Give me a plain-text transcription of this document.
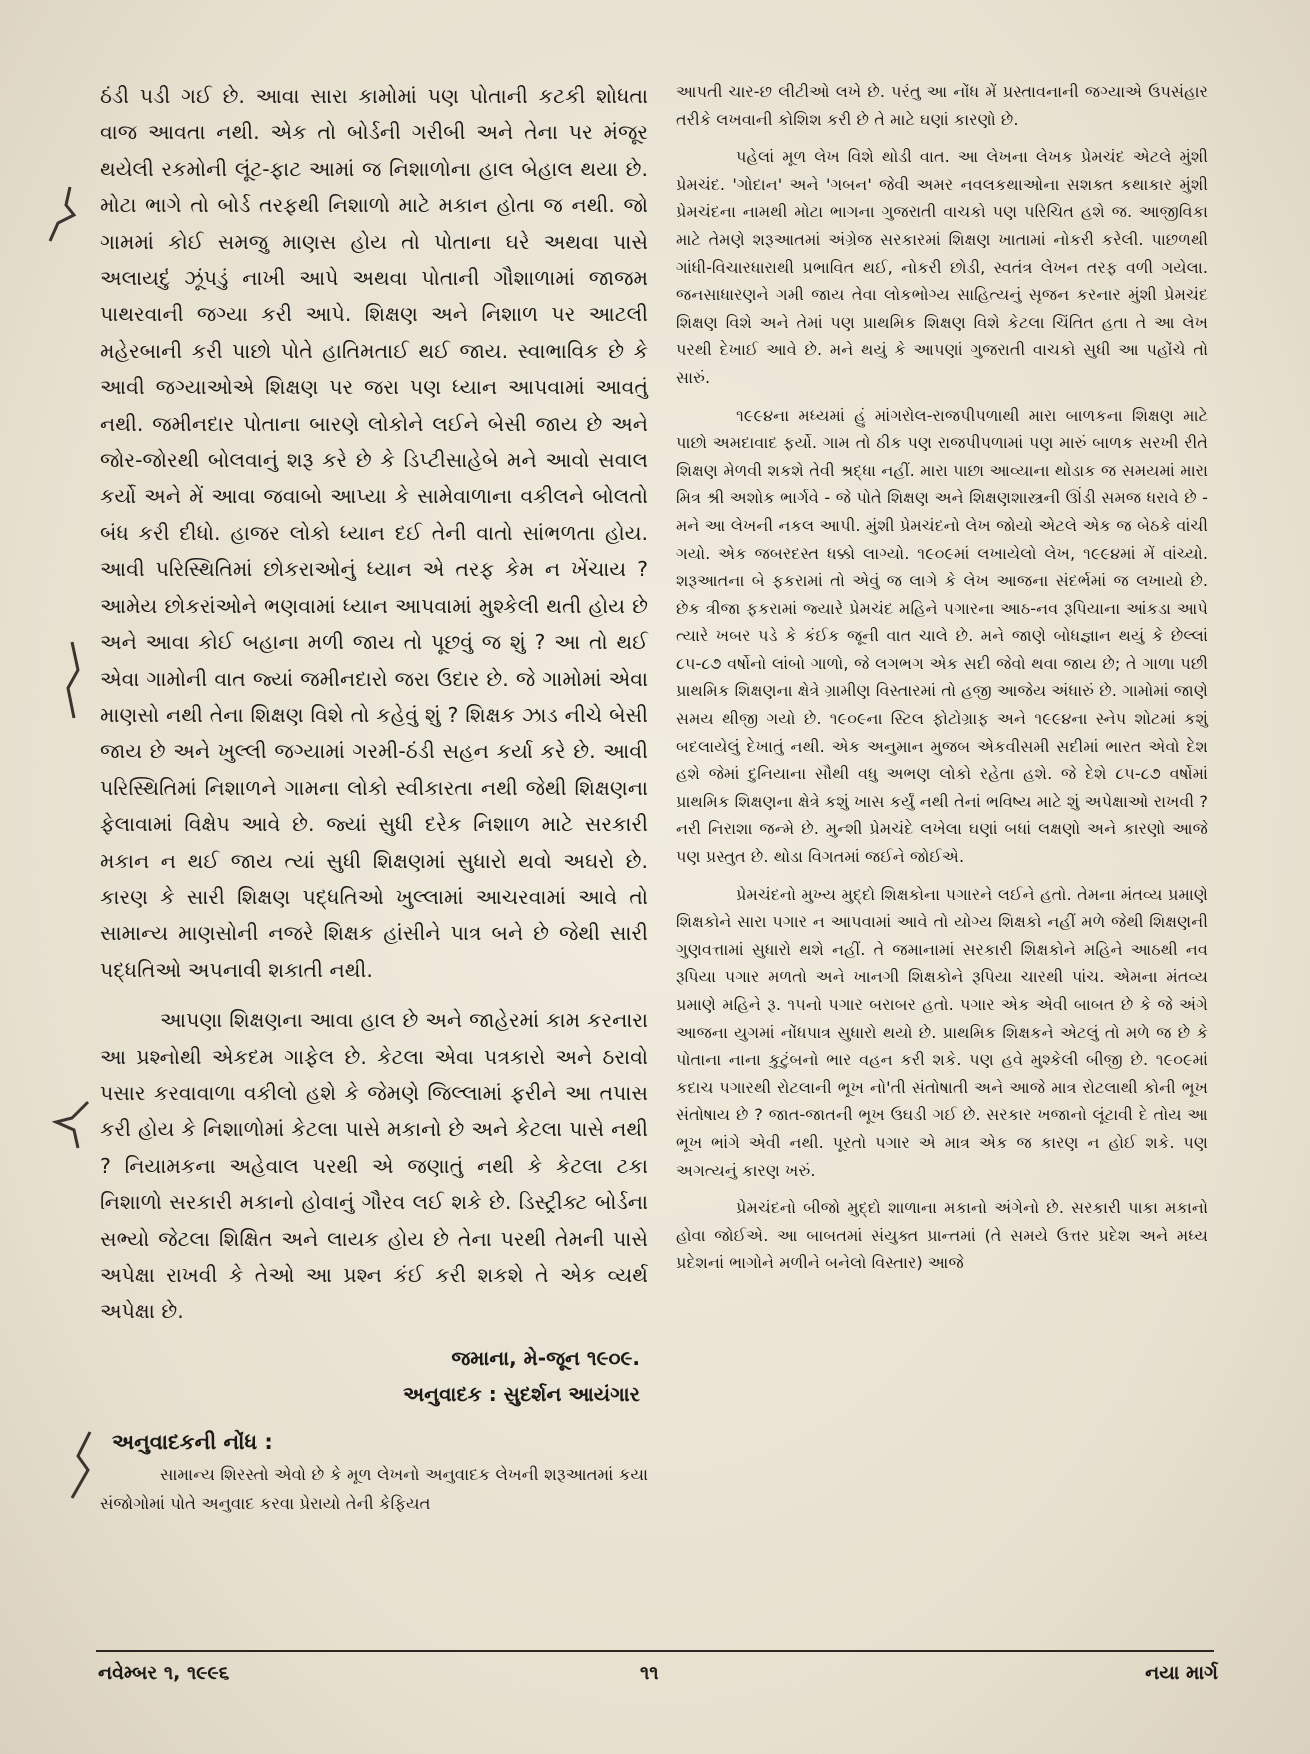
ઠંડી પડી ગઈ છે. આવા સારા કામોમાં પણ પોતાની કટકી શોધતા વાજ આવતા નથી. એક તો બોર્ડની ગરીબી અને તેના પર મંજૂર થયેલી રકમોની લૂંટ-ફાટ આમાં જ નિશાળોના હાલ બેહાલ થયા છે. મોટા ભાગે તો બોર્ડ તરફથી નિશાળો માટે મકાન હોતા જ નથી. જો ગામમાં કોઈ સમજુ માણસ હોય તો પોતાના ઘરે અથવા પાસે અલાયદું ઝૂંપડું નાખી આપે અથવા પોતાની ગૌશાળામાં જાજમ પાથરવાની જગ્યા કરી આપે. શિક્ષણ અને નિશાળ પર આટલી મહેરબાની કરી પાછો પોતે હાતિમતાઈ થઈ જાય. સ્વાભાવિક છે કે આવી જગ્યાઓએ શિક્ષણ પર જરા પણ ધ્યાન આપવામાં આવતું નથી. જમીનદાર પોતાના બારણે લોકોને લઈને બેસી જાય છે અને જોર-જોરથી બોલવાનું શરૂ કરે છે કે ડિપ્ટીસાહેબે મને આવો સવાલ કર્યો અને મેં આવા જવાબો આપ્યા કે સામેવાળાના વકીલને બોલતો બંધ કરી દીધો. હાજર લોકો ધ્યાન દઈ તેની વાતો સાંભળતા હોય. આવી પરિસ્થિતિમાં છોકરાઓનું ધ્યાન એ તરફ કેમ ન ખેંચાય ? આમેય છોકરાંઓને ભણવામાં ધ્યાન આપવામાં મુશ્કેલી થતી હોય છે અને આવા કોઈ બહાના મળી જાય તો પૂછવું જ શું ? આ તો થઈ એવા ગામોની વાત જ્યાં જમીનદારો જરા ઉદાર છે. જે ગામોમાં એવા માણસો નથી તેના શિક્ષણ વિશે તો કહેવું શું ? શિક્ષક ઝાડ નીચે બેસી જાય છે અને ખુલ્લી જગ્યામાં ગરમી-ઠંડી સહન કર્યા કરે છે. આવી પરિસ્થિતિમાં નિશાળને ગામના લોકો સ્વીકારતા નથી જેથી શિક્ષણના ફેલાવામાં વિક્ષેપ આવે છે. જ્યાં સુધી દરેક નિશાળ માટે સરકારી મકાન ન થઈ જાય ત્યાં સુધી શિક્ષણમાં સુધારો થવો અઘરો છે. કારણ કે સારી શિક્ષણ પદ્ધતિઓ ખુલ્લામાં આચરવામાં આવે તો સામાન્ય માણસોની નજરે શિક્ષક હાંસીને પાત્ર બને છે જેથી સારી પદ્ધતિઓ અપનાવી શકાતી નથી.

આપણા શિક્ષણના આવા હાલ છે અને જાહેરમાં કામ કરનારા આ પ્રશ્નોથી એકદમ ગાફેલ છે. કેટલા એવા પત્રકારો અને ઠરાવો પસાર કરવાવાળા વકીલો હશે કે જેમણે જિલ્લામાં ફરીને આ તપાસ કરી હોય કે નિશાળોમાં કેટલા પાસે મકાનો છે અને કેટલા પાસે નથી ? નિયામકના અહેવાલ પરથી એ જણાતું નથી કે કેટલા ટકા નિશાળો સરકારી મકાનો હોવાનું ગૌરવ લઈ શકે છે. ડિસ્ટ્રીક્ટ બોર્ડના સભ્યો જેટલા શિક્ષિત અને લાયક હોય છે તેના પરથી તેમની પાસે અપેક્ષા રાખવી કે તેઓ આ પ્રશ્ન કંઈ કરી શકશે તે એક વ્યર્થ અપેક્ષા છે.

જમાના, મે-જૂન ૧૯૦૯.

અનુવાદક : સુદર્શન આયંગાર

અનુવાદકની નોંધ :

સામાન્ય શિરસ્તો એવો છે કે મૂળ લેખનો અનુવાદક લેખની શરૂઆતમાં કયા સંજોગોમાં પોતે અનુવાદ કરવા પ્રેરાયો તેની કેફિયત

આપતી ચાર-છ લીટીઓ લખે છે. પરંતુ આ નોંધ મેં પ્રસ્તાવનાની જગ્યાએ ઉપસંહાર તરીકે લખવાની કોશિશ કરી છે તે માટે ઘણાં કારણો છે.

પહેલાં મૂળ લેખ વિશે થોડી વાત. આ લેખના લેખક પ્રેમચંદ એટલે મુંશી પ્રેમચંદ. 'ગોદાન' અને 'ગબન' જેવી અમર નવલકથાઓના સશક્ત કથાકાર મુંશી પ્રેમચંદના નામથી મોટા ભાગના ગુજરાતી વાચકો પણ પરિચિત હશે જ. આજીવિકા માટે તેમણે શરૂઆતમાં અંગ્રેજ સરકારમાં શિક્ષણ ખાતામાં નોકરી કરેલી. પાછળથી ગાંધી-વિચારધારાથી પ્રભાવિત થઈ, નોકરી છોડી, સ્વતંત્ર લેખન તરફ વળી ગયેલા. જનસાધારણને ગમી જાય તેવા લોકભોગ્ય સાહિત્યનું સૃજન કરનાર મુંશી પ્રેમચંદ શિક્ષણ વિશે અને તેમાં પણ પ્રાથમિક શિક્ષણ વિશે કેટલા ચિંતિત હતા તે આ લેખ પરથી દેખાઈ આવે છે. મને થયું કે આપણાં ગુજરાતી વાચકો સુધી આ પહોંચે તો સારું.

૧૯૯૪ના મધ્યમાં હું માંગરોલ-રાજપીપળાથી મારા બાળકના શિક્ષણ માટે પાછો અમદાવાદ ફર્યો. ગામ તો ઠીક પણ રાજપીપળામાં પણ મારું બાળક સરખી રીતે શિક્ષણ મેળવી શકશે તેવી શ્રદ્ધા નહીં. મારા પાછા આવ્યાના થોડાક જ સમયમાં મારા મિત્ર શ્રી અશોક ભાર્ગવે - જે પોતે શિક્ષણ અને શિક્ષણશાસ્ત્રની ઊંડી સમજ ધરાવે છે - મને આ લેખની નકલ આપી. મુંશી પ્રેમચંદનો લેખ જોયો એટલે એક જ બેઠકે વાંચી ગયો. એક જબરદસ્ત ધક્કો લાગ્યો. ૧૯૦૯માં લખાયેલો લેખ, ૧૯૯૪માં મેં વાંચ્યો. શરૂઆતના બે ફકરામાં તો એવું જ લાગે કે લેખ આજના સંદર્ભમાં જ લખાયો છે. છેક ત્રીજા ફકરામાં જ્યારે પ્રેમચંદ મહિને પગારના આઠ-નવ રૂપિયાના આંકડા આપે ત્યારે ખબર પડે કે કંઈક જૂની વાત ચાલે છે. મને જાણે બોધજ્ઞાન થયું કે છેલ્લાં ૮૫-૮૭ વર્ષોનો લાંબો ગાળો, જે લગભગ એક સદી જેવો થવા જાય છે; તે ગાળા પછી પ્રાથમિક શિક્ષણના ક્ષેત્રે ગ્રામીણ વિસ્તારમાં તો હજી આજેય અંધારું છે. ગામોમાં જાણે સમય થીજી ગયો છે. ૧૯૦૯ના સ્ટિલ ફોટોગ્રાફ અને ૧૯૯૪ના સ્નેપ શોટમાં કશું બદલાયેલું દેખાતું નથી. એક અનુમાન મુજબ એકવીસમી સદીમાં ભારત એવો દેશ હશે જેમાં દુનિયાના સૌથી વધુ અભણ લોકો રહેતા હશે. જે દેશે ૮૫-૮૭ વર્ષોમાં પ્રાથમિક શિક્ષણના ક્ષેત્રે કશું ખાસ કર્યું નથી તેનાં ભવિષ્ય માટે શું અપેક્ષાઓ રાખવી ? નરી નિરાશા જન્મે છે. મુન્શી પ્રેમચંદે લખેલા ઘણાં બધાં લક્ષણો અને કારણો આજે પણ પ્રસ્તુત છે. થોડા વિગતમાં જઈને જોઈએ.

પ્રેમચંદનો મુખ્ય મુદ્દો શિક્ષકોના પગારને લઈને હતો. તેમના મંતવ્ય પ્રમાણે શિક્ષકોને સારા પગાર ન આપવામાં આવે તો યોગ્ય શિક્ષકો નહીં મળે જેથી શિક્ષણની ગુણવત્તામાં સુધારો થશે નહીં. તે જમાનામાં સરકારી શિક્ષકોને મહિને આઠથી નવ રૂપિયા પગાર મળતો અને ખાનગી શિક્ષકોને રૂપિયા ચારથી પાંચ. એમના મંતવ્ય પ્રમાણે મહિને રૂ. ૧૫નો પગાર બરાબર હતો. પગાર એક એવી બાબત છે કે જે અંગે આજના યુગમાં નોંધપાત્ર સુધારો થયો છે. પ્રાથમિક શિક્ષકને એટલું તો મળે જ છે કે પોતાના નાના કુટુંબનો ભાર વહન કરી શકે. પણ હવે મુશ્કેલી બીજી છે. ૧૯૦૯માં કદાચ પગારથી રોટલાની ભૂખ નો'તી સંતોષાતી અને આજે માત્ર રોટલાથી કોની ભૂખ સંતોષાય છે ? જાત-જાતની ભૂખ ઉઘડી ગઈ છે. સરકાર ખજાનો લૂંટાવી દે તોય આ ભૂખ ભાંગે એવી નથી. પૂરતો પગાર એ માત્ર એક જ કારણ ન હોઈ શકે. પણ અગત્યનું કારણ ખરું.

પ્રેમચંદનો બીજો મુદ્દો શાળાના મકાનો અંગેનો છે. સરકારી પાકા મકાનો હોવા જોઈએ. આ બાબતમાં સંયુક્ત પ્રાન્તમાં (તે સમયે ઉત્તર પ્રદેશ અને મધ્ય પ્રદેશનાં ભાગોને મળીને બનેલો વિસ્તાર) આજે

નવેમ્બર ૧, ૧૯૯૬	૧૧	નયા માર્ગ
